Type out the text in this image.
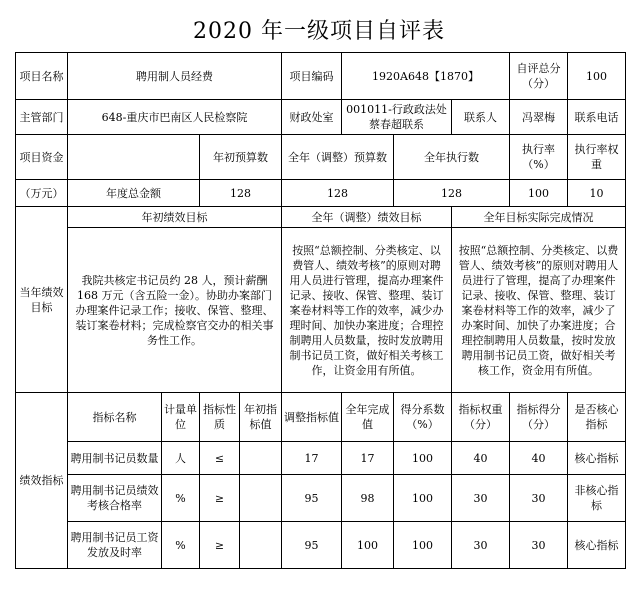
2020 年一级项目自评表
项目名称	聘用制人员经费				项目编码	1920A648【1870】			自评总分（分）	100
主管部门	648-重庆市巴南区人民检察院				财政处室	001011-行政政法处蔡春超联系		联系人	冯翠梅	联系电话
项目资金			年初预算数		全年（调整）预算数		全年执行数		执行率（%）	执行率权重
（万元）	年度总金额		128		128		128		100	10
当年绩效目标	年初绩效目标				全年（调整）绩效目标			全年目标实际完成情况		
	我院共核定书记员约 28 人，预计薪酬 168 万元（含五险一金）。协助办案部门办理案件记录工作；接收、保管、整理、装订案卷材料；完成检察官交办的相关事务性工作。				按照“总额控制、分类核定、以费管人、绩效考核”的原则对聘用人员进行管理，提高办理案件记录、接收、保管、整理、装订案卷材料等工作的效率，减少办理时间、加快办案进度；合理控制聘用人员数量，按时发放聘用制书记员工资，做好相关考核工作，让资金用有所值。			按照“总额控制、分类核定、以费管人、绩效考核”的原则对聘用人员进行了管理，提高了办理案件记录、接收、保管、整理、装订案卷材料等工作的效率，减少了办案时间、加快了办案进度；合理控制聘用人员数量，按时发放聘用制书记员工资，做好相关考核工作，资金用有所值。		
绩效指标	指标名称	计量单位	指标性质	年初指标值	调整指标值	全年完成值	得分系数（%）	指标权重（分）	指标得分（分）	是否核心指标
	聘用制书记员数量	人	≤		17	17	100	40	40	核心指标
	聘用制书记员绩效考核合格率	%	≥		95	98	100	30	30	非核心指标
	聘用制书记员工资发放及时率	%	≥		95	100	100	30	30	核心指标
